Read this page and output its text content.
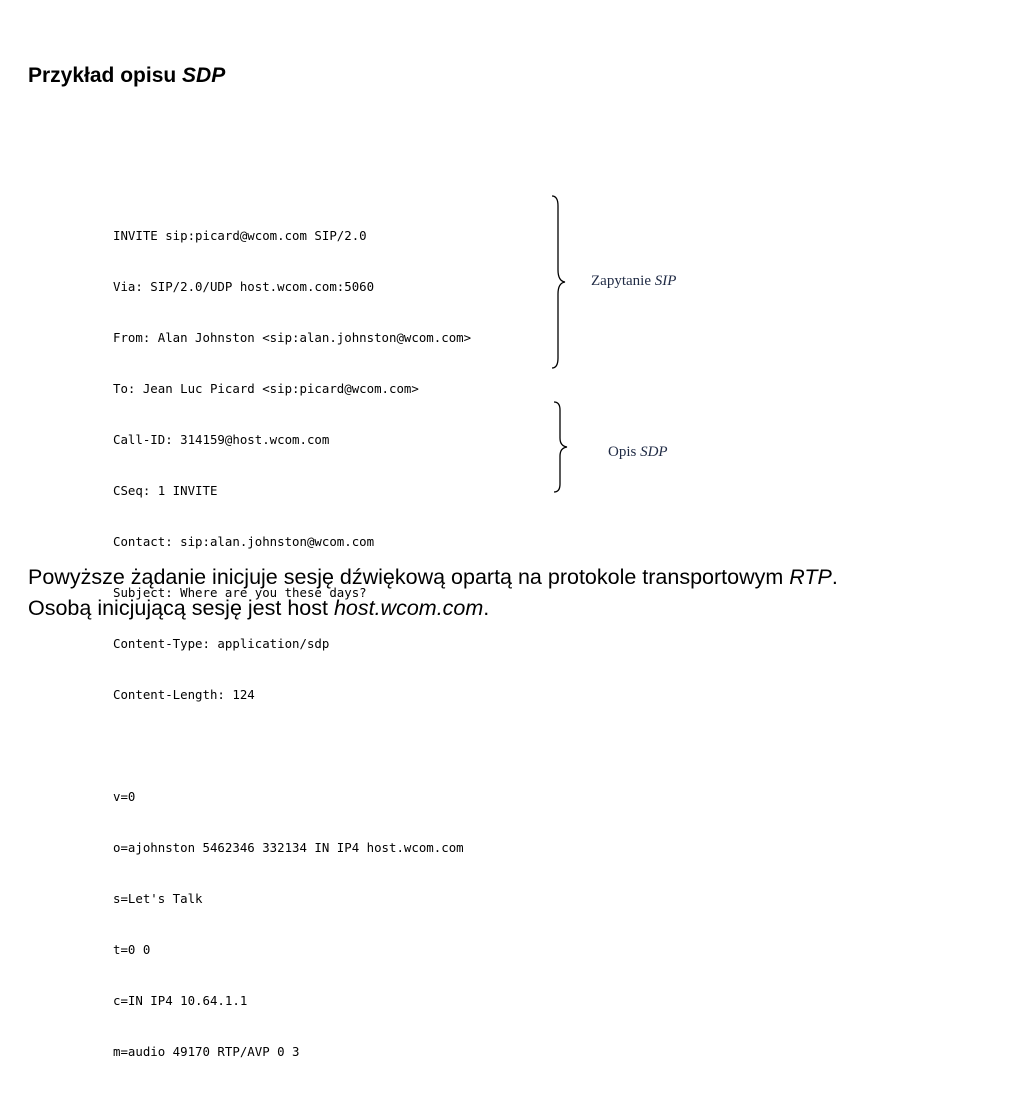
Przykład opisu SDP

INVITE sip:picard@wcom.com SIP/2.0

Via: SIP/2.0/UDP host.wcom.com:5060

From: Alan Johnston <sip:alan.johnston@wcom.com>

To: Jean Luc Picard <sip:picard@wcom.com>

Call-ID: 314159@host.wcom.com

CSeq: 1 INVITE

Contact: sip:alan.johnston@wcom.com

Subject: Where are you these days?

Content-Type: application/sdp

Content-Length: 124

v=0

o=ajohnston 5462346 332134 IN IP4 host.wcom.com

s=Let's Talk

t=0 0

c=IN IP4 10.64.1.1

m=audio 49170 RTP/AVP 0 3

Zapytanie SIP
Opis SDP
Powyższe żądanie inicjuje sesję dźwiękową opartą na protokole transportowym RTP.
Osobą inicjującą sesję jest host host.wcom.com.
